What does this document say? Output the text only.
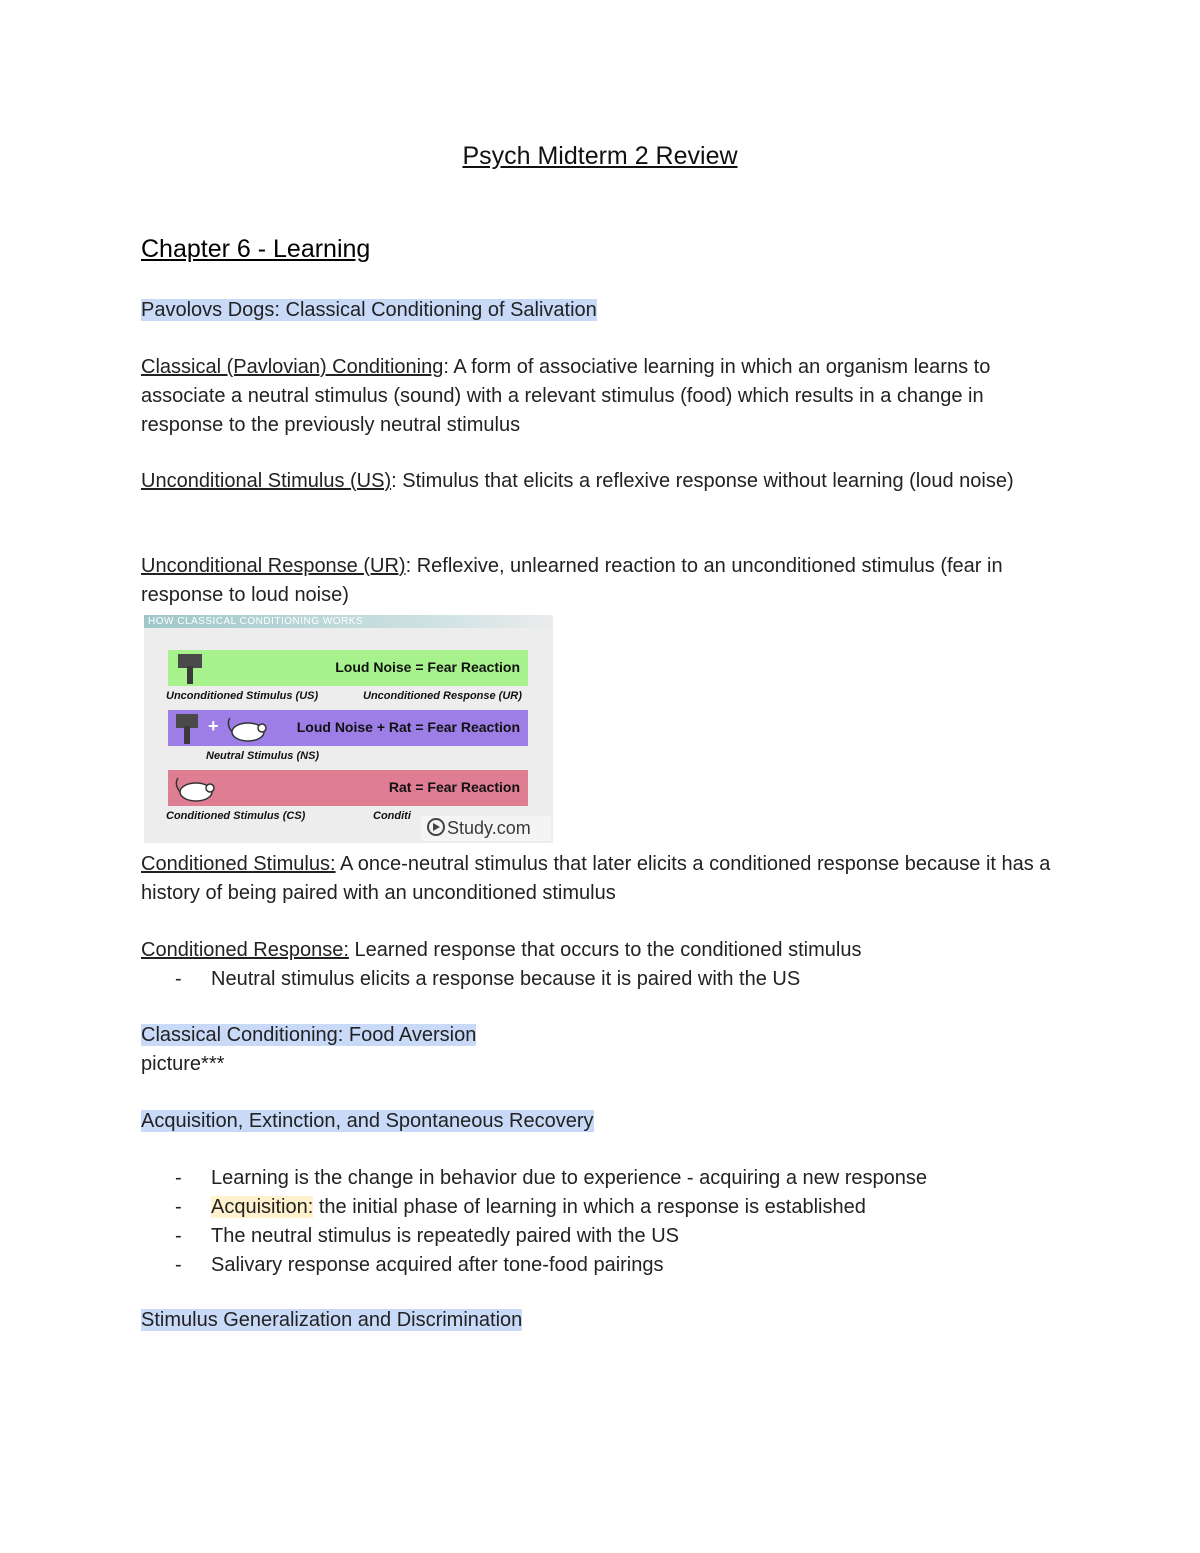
Psych Midterm 2 Review
Chapter 6 - Learning
Pavolovs Dogs: Classical Conditioning of Salivation
Classical (Pavlovian) Conditioning: A form of associative learning in which an organism learns to associate a neutral stimulus (sound) with a relevant stimulus (food) which results in a change in response to the previously neutral stimulus
Unconditional Stimulus (US): Stimulus that elicits a reflexive response without learning (loud noise)
Unconditional Response (UR): Reflexive, unlearned reaction to an unconditioned stimulus (fear in response to loud noise)
HOW CLASSICAL CONDITIONING WORKS
Loud Noise = Fear Reaction
Unconditioned Stimulus (US)	Unconditioned Response (UR)
+	Loud Noise + Rat = Fear Reaction
Neutral Stimulus (NS)
Rat = Fear Reaction
Conditioned Stimulus (CS)	Conditi
Study.com
Conditioned Stimulus: A once-neutral stimulus that later elicits a conditioned response because it has a history of being paired with an unconditioned stimulus
Conditioned Response: Learned response that occurs to the conditioned stimulus
- Neutral stimulus elicits a response because it is paired with the US
Classical Conditioning: Food Aversion
picture***
Acquisition, Extinction, and Spontaneous Recovery
- Learning is the change in behavior due to experience - acquiring a new response
- Acquisition: the initial phase of learning in which a response is established
- The neutral stimulus is repeatedly paired with the US
- Salivary response acquired after tone-food pairings
Stimulus Generalization and Discrimination
